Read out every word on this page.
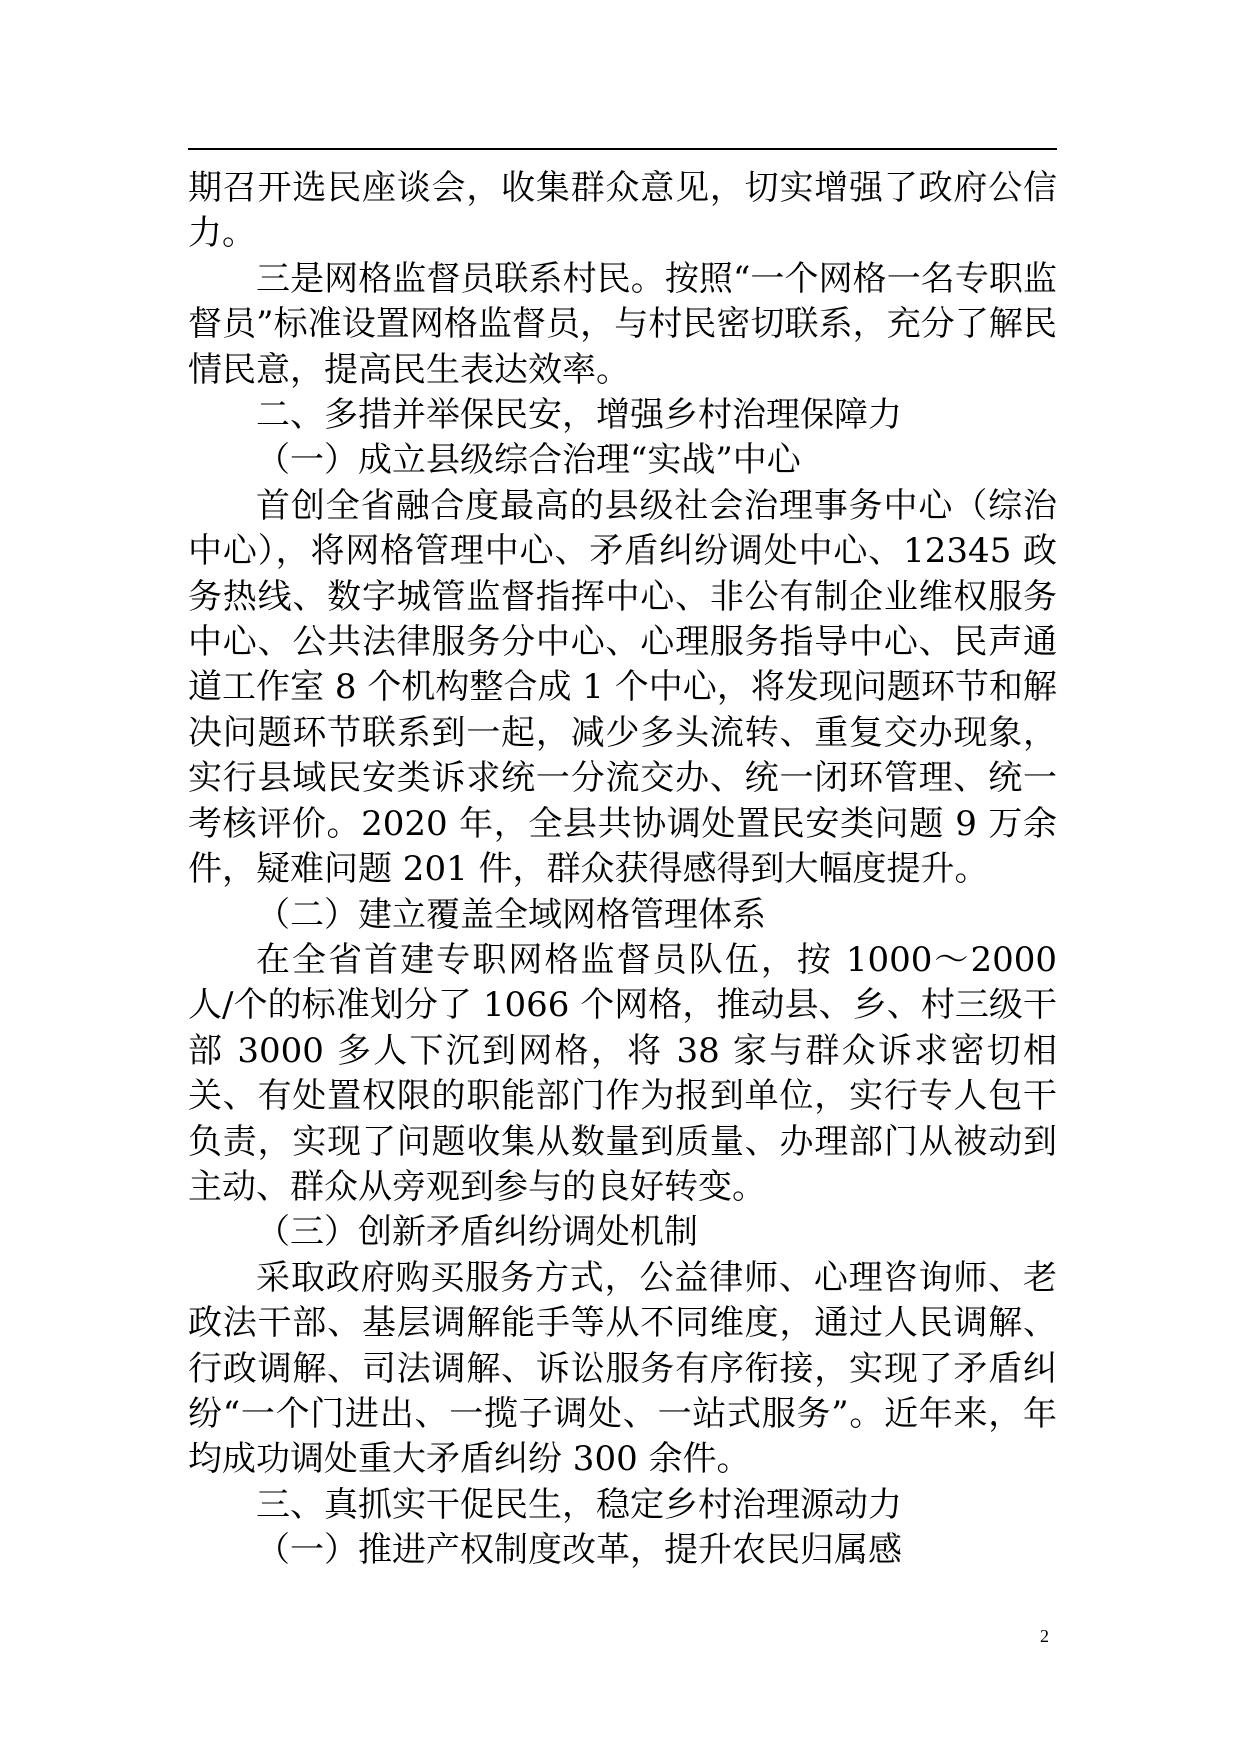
期召开选民座谈会，收集群众意见，切实增强了政府公信力。

三是网格监督员联系村民。按照“一个网格一名专职监督员”标准设置网格监督员，与村民密切联系，充分了解民情民意，提高民生表达效率。

二、多措并举保民安，增强乡村治理保障力

（一）成立县级综合治理“实战”中心

首创全省融合度最高的县级社会治理事务中心（综治中心），将网格管理中心、矛盾纠纷调处中心、12345 政务热线、数字城管监督指挥中心、非公有制企业维权服务中心、公共法律服务分中心、心理服务指导中心、民声通道工作室 8 个机构整合成 1 个中心，将发现问题环节和解决问题环节联系到一起，减少多头流转、重复交办现象，实行县域民安类诉求统一分流交办、统一闭环管理、统一考核评价。2020 年，全县共协调处置民安类问题 9 万余件，疑难问题 201 件，群众获得感得到大幅度提升。

（二）建立覆盖全域网格管理体系

在全省首建专职网格监督员队伍，按 1000～2000 人/个的标准划分了 1066 个网格，推动县、乡、村三级干部 3000 多人下沉到网格，将 38 家与群众诉求密切相关、有处置权限的职能部门作为报到单位，实行专人包干负责，实现了问题收集从数量到质量、办理部门从被动到主动、群众从旁观到参与的良好转变。

（三）创新矛盾纠纷调处机制

采取政府购买服务方式，公益律师、心理咨询师、老政法干部、基层调解能手等从不同维度，通过人民调解、行政调解、司法调解、诉讼服务有序衔接，实现了矛盾纠纷“一个门进出、一揽子调处、一站式服务”。近年来，年均成功调处重大矛盾纠纷 300 余件。

三、真抓实干促民生，稳定乡村治理源动力

（一）推进产权制度改革，提升农民归属感

2
